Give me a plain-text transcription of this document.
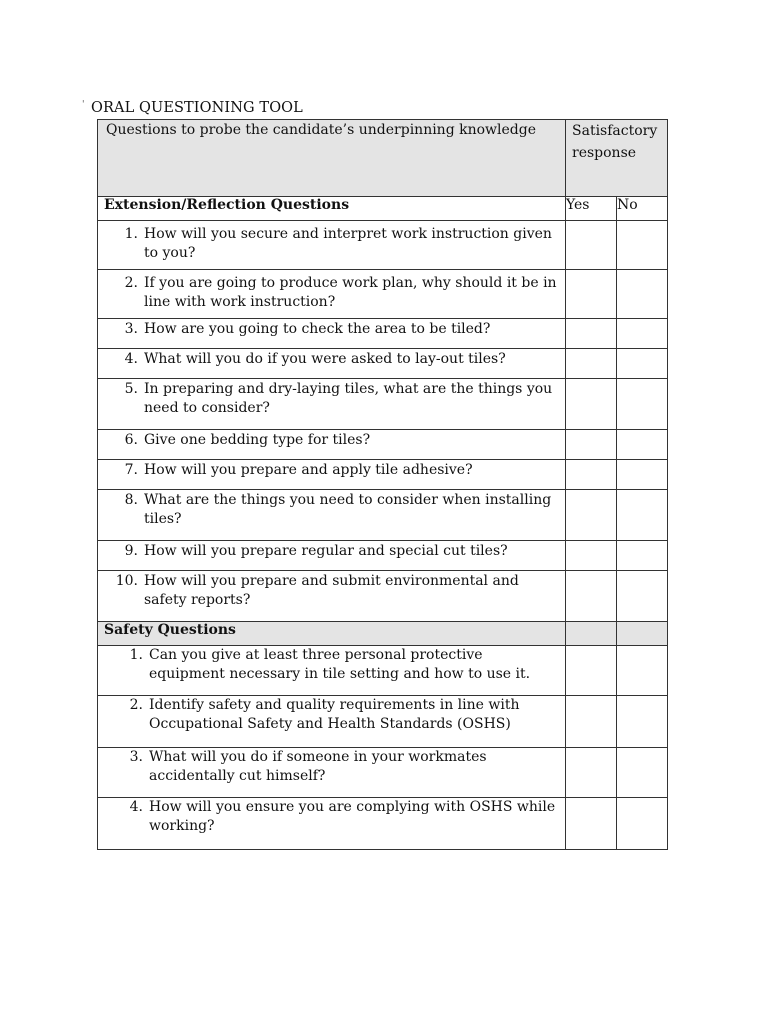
' ORAL QUESTIONING TOOL
Questions to probe the candidate’s underpinning knowledge	Satisfactory response	
Extension/Reflection Questions	Yes	No

1. How will you secure and interpret work instruction given to you?		

2. If you are going to produce work plan, why should it be in line with work instruction?		

3. How are you going to check the area to be tiled?		

4. What will you do if you were asked to lay-out tiles?		

5. In preparing and dry-laying tiles, what are the things you need to consider?		

6. Give one bedding type for tiles?		

7. How will you prepare and apply tile adhesive?		

8. What are the things you need to consider when installing tiles?		

9. How will you prepare regular and special cut tiles?		

10. How will you prepare and submit environmental and safety reports?		

Safety Questions		

1. Can you give at least three personal protective equipment necessary in tile setting and how to use it.		

2. Identify safety and quality requirements in line with Occupational Safety and Health Standards (OSHS)		

3. What will you do if someone in your workmates accidentally cut himself?		

4. How will you ensure you are complying with OSHS while working?		
